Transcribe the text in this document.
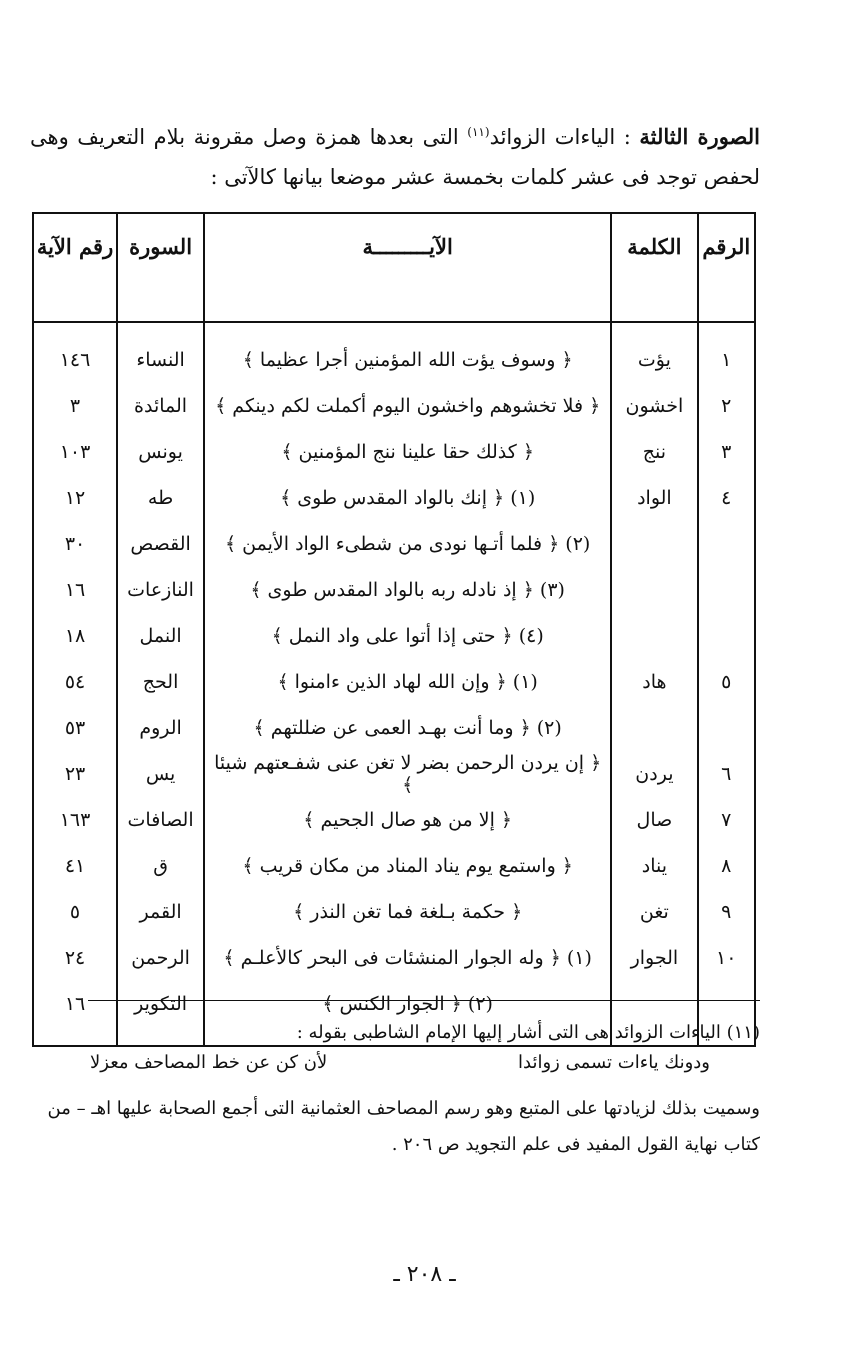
الصورة الثالثة : الياءات الزوائد$^{(١١)}$ التى بعدها همزة وصل مقرونة بلام التعريف وهى لحفص توجد فى عشر كلمات بخمسة عشر موضعا بيانها كالآتى :
الرقم	الكلمة	الآيـــــــــة	السورة	رقم الآية
١	يؤت	﴿ وسوف يؤت الله المؤمنين أجرا عظيما ﴾	النساء	١٤٦
٢	اخشون	﴿ فلا تخشوهم واخشون اليوم أكملت لكم دينكم ﴾	المائدة	٣
٣	ننج	﴿ كذلك حقا علينا ننج المؤمنين ﴾	يونس	١٠٣
٤	الواد	(١) ﴿ إنك بالواد المقدس طوى ﴾	طه	١٢
		(٢) ﴿ فلما أتـها نودى من شطىء الواد الأيمن ﴾	القصص	٣٠
		(٣) ﴿ إذ نادله ربه بالواد المقدس طوى ﴾	النازعات	١٦
		(٤) ﴿ حتى إذا أتوا على واد النمل ﴾	النمل	١٨
٥	هاد	(١) ﴿ وإن الله لهاد الذين ءامنوا ﴾	الحج	٥٤
		(٢) ﴿ وما أنت بهـد العمى عن ضللتهم ﴾	الروم	٥٣
٦	يردن	﴿ إن يردن الرحمن بضر لا تغن عنى شفـعتهم شيئا ﴾	يس	٢٣
٧	صال	﴿ إلا من هو صال الجحيم ﴾	الصافات	١٦٣
٨	يناد	﴿ واستمع يوم يناد المناد من مكان قريب ﴾	ق	٤١
٩	تغن	﴿ حكمة بـلغة فما تغن النذر ﴾	القمر	٥
١٠	الجوار	(١) ﴿ وله الجوار المنشئات فى البحر كالأعلـم ﴾	الرحمن	٢٤
		(٢) ﴿ الجوار الكنس ﴾	التكوير	١٦
(١١) الياءات الزوائد هى التى أشار إليها الإمام الشاطبى بقوله :
ودونك ياءات تسمى زوائدا
لأن كن عن خط المصاحف معزلا
وسميت بذلك لزيادتها على المتبع وهو رسم المصاحف العثمانية التى أجمع الصحابة عليها اهـ – من
كتاب نهاية القول المفيد فى علم التجويد ص ٢٠٦ .
ـ ٢٠٨ ـ
